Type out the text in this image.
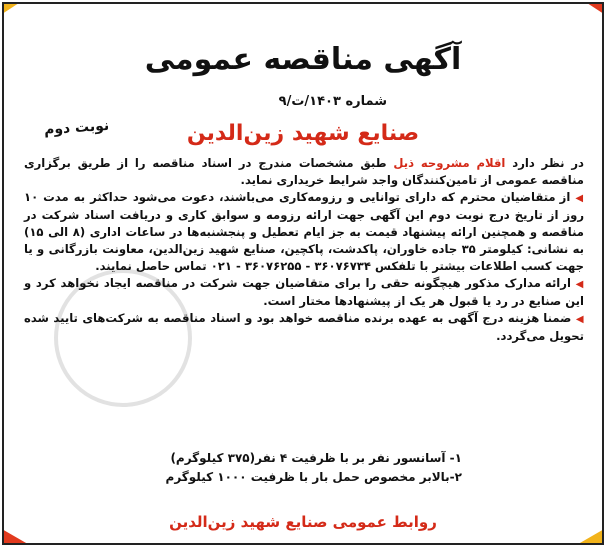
آگهی مناقصه عمومی
شماره ۱۴۰۳/ت/۹
نوبت دوم	صنایع شهید زین‌الدین

در نظر دارد اقلام مشروحه ذیل طبق مشخصات مندرج در اسناد مناقصه را از طریق برگزاری مناقصه عمومی از تامین‌کنندگان واجد شرایط خریداری نماید.

◀ از متقاضیان محترم که دارای توانایی و رزومه‌کاری می‌باشند، دعوت می‌شود حداکثر به مدت ۱۰ روز از تاریخ درج نوبت دوم این آگهی جهت ارائه رزومه و سوابق کاری و دریافت اسناد شرکت در مناقصه و همچنین ارائه پیشنهاد قیمت به جز ایام تعطیل و پنجشنبه‌ها در ساعات اداری (۸ الی ۱۵) به نشانی: کیلومتر ۳۵ جاده خاوران، پاکدشت، پاکچین، صنایع شهید زین‌الدین، معاونت بازرگانی و یا جهت کسب اطلاعات بیشتر با تلفکس ۳۶۰۷۶۷۳۴ - ۳۶۰۷۶۲۵۵ - ۰۲۱ تماس حاصل نمایند.

◀ ارائه مدارک مذکور هیچگونه حقی را برای متقاضیان جهت شرکت در مناقصه ایجاد نخواهد کرد و این صنایع در رد یا قبول هر یک از پیشنهادها مختار است.

◀ ضمنا هزینه درج آگهی به عهده برنده مناقصه خواهد بود و اسناد مناقصه به شرکت‌های تایید شده تحویل می‌گردد.

۱- آسانسور نفر بر با ظرفیت ۴ نفر(۳۷۵ کیلوگرم)
۲-بالابر مخصوص حمل بار با ظرفیت ۱۰۰۰ کیلوگرم
روابط عمومی صنایع شهید زین‌الدین
